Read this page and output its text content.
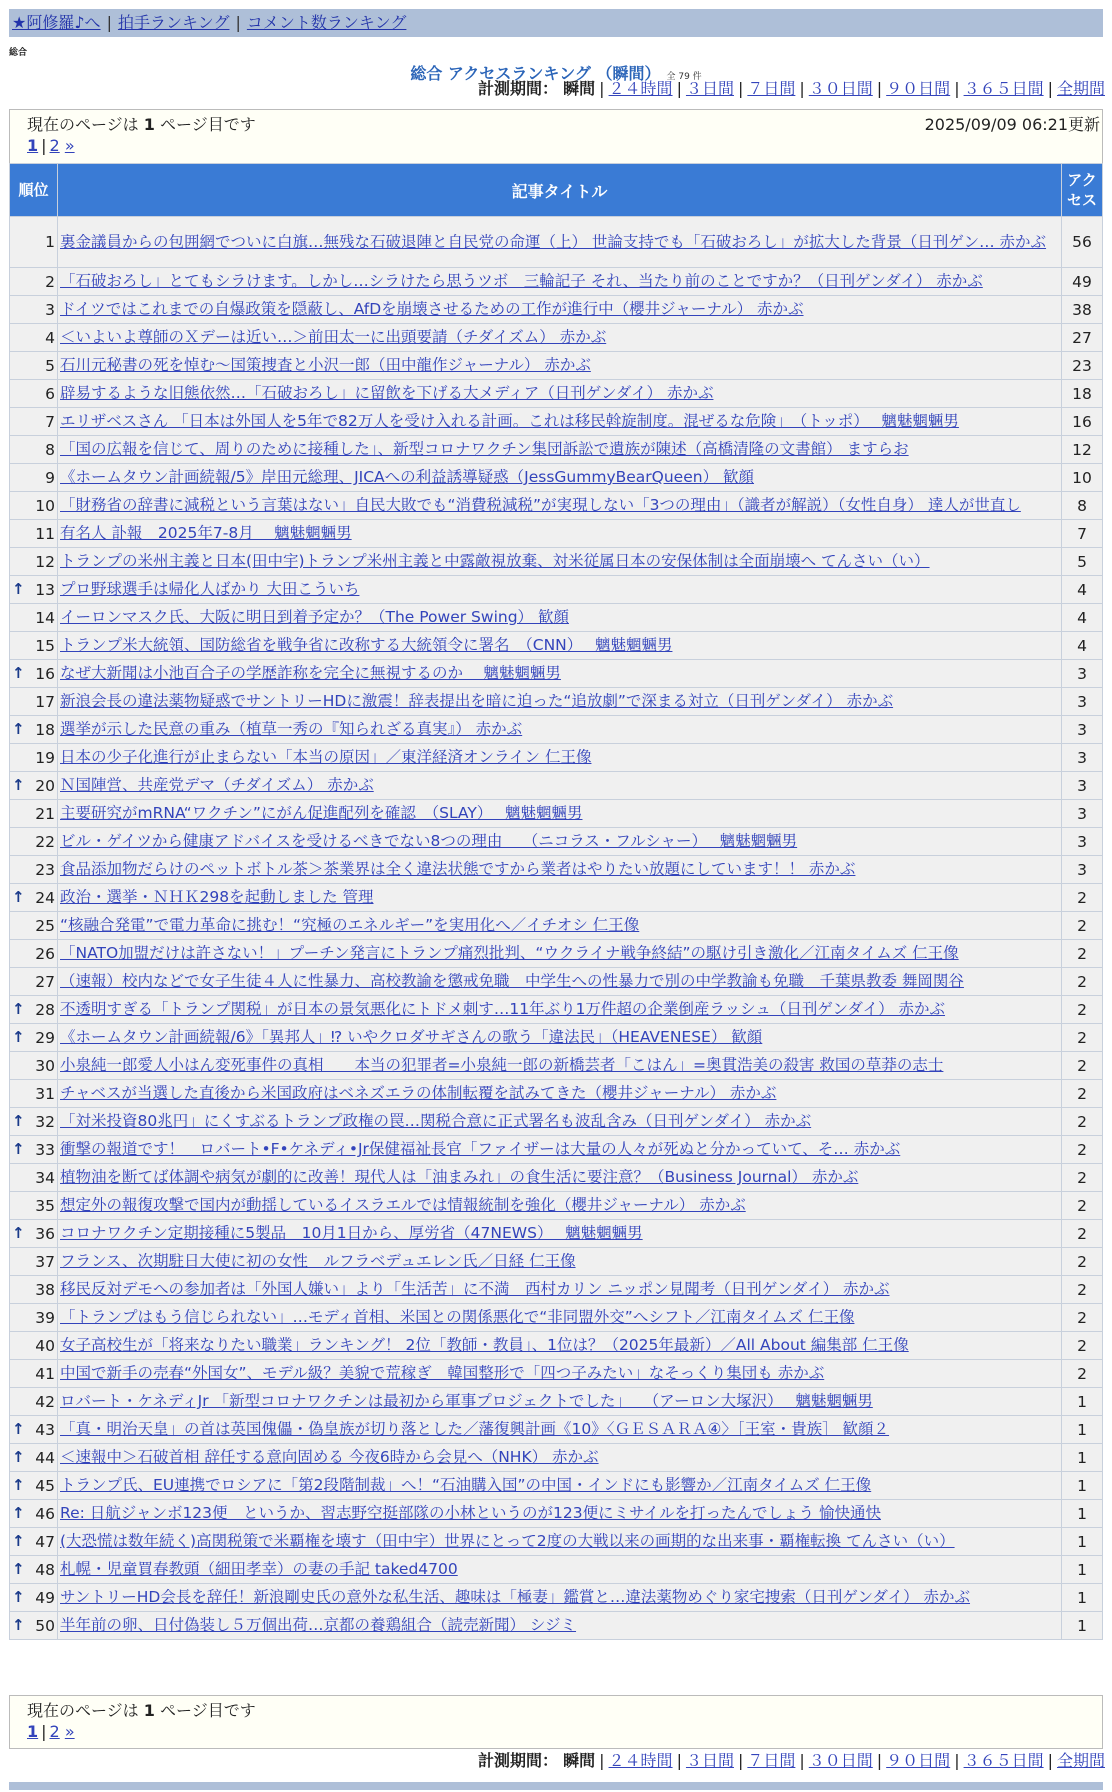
★阿修羅♪へ | 拍手ランキング | コメント数ランキング
総合
総合 アクセスランキング （瞬間） 全 79 件
計測期間： 瞬間 | ２４時間 | ３日間 | ７日間 | ３０日間 | ９０日間 | ３６５日間 | 全期間
現在のページは 1 ページ目です	2025/09/09 06:21更新
1 | 2 »
順位	記事タイトル	アクセス
1	裏金議員からの包囲網でついに白旗…無残な石破退陣と自民党の命運（上） 世論支持でも「石破おろし」が拡大した背景（日刊ゲン… 赤かぶ	56
2	「石破おろし」とてもシラけます。しかし…シラけたら思うツボ　三輪記子 それ、当たり前のことですか？（日刊ゲンダイ） 赤かぶ	49
3	ドイツではこれまでの自爆政策を隠蔽し、AfDを崩壊させるための工作が進行中（櫻井ジャーナル） 赤かぶ	38
4	＜いよいよ尊師のＸデーは近い…＞前田太一に出頭要請（チダイズム） 赤かぶ	27
5	石川元秘書の死を悼む～国策捜査と小沢一郎（田中龍作ジャーナル） 赤かぶ	23
6	辟易するような旧態依然…「石破おろし」に留飲を下げる大メディア（日刊ゲンダイ） 赤かぶ	18
7	エリザベスさん 「日本は外国人を5年で82万人を受け入れる計画。これは移民斡旋制度。混ぜるな危険」　（トッポ）　 魑魅魍魎男	16
8	「国の広報を信じて、周りのために接種した」、新型コロナワクチン集団訴訟で遺族が陳述（高橋清隆の文書館） ますらお	12
9	《ホームタウン計画続報/5》岸田元総理、JICAへの利益誘導疑惑（JessGummyBearQueen） 歓顔	10
10	「財務省の辞書に減税という言葉はない」自民大敗でも“消費税減税”が実現しない「3つの理由」（識者が解説）（女性自身） 達人が世直し	8
11	有名人 訃報　2025年7-8月　 魑魅魍魎男	7
12	トランプの米州主義と日本(田中宇)トランプ米州主義と中露敵視放棄、対米従属日本の安保体制は全面崩壊へ てんさい（い）	5

↑ 13	プロ野球選手は帰化人ばかり 大田こういち	4
14	イーロンマスク氏、大阪に明日到着予定か？（The Power Swing） 歓顔	4
15	トランプ米大統領、国防総省を戦争省に改称する大統領令に署名　（CNN）　 魑魅魍魎男	4

↑ 16	なぜ大新聞は小池百合子の学歴詐称を完全に無視するのか　 魑魅魍魎男	3
17	新浪会長の違法薬物疑惑でサントリーHDに激震！辞表提出を暗に迫った“追放劇”で深まる対立（日刊ゲンダイ） 赤かぶ	3

↑ 18	選挙が示した民意の重み（植草一秀の『知られざる真実』） 赤かぶ	3
19	日本の少子化進行が止まらない「本当の原因」／東洋経済オンライン 仁王像	3

↑ 20	Ｎ国陣営、共産党デマ（チダイズム） 赤かぶ	3
21	主要研究がmRNA“ワクチン”にがん促進配列を確認　（SLAY）　 魑魅魍魎男	3
22	ビル・ゲイツから健康アドバイスを受けるべきでない8つの理由　 （ニコラス・フルシャー）　 魑魅魍魎男	3
23	食品添加物だらけのペットボトル茶＞茶業界は全く違法状態ですから業者はやりたい放題にしています！！ 赤かぶ	3

↑ 24	政治・選挙・ＮＨＫ298を起動しました 管理	2
25	“核融合発電”で電力革命に挑む！“究極のエネルギー”を実用化へ／イチオシ 仁王像	2
26	「NATO加盟だけは許さない！」プーチン発言にトランプ痛烈批判、“ウクライナ戦争終結”の駆け引き激化／江南タイムズ 仁王像	2
27	（速報）校内などで女子生徒４人に性暴力、高校教諭を懲戒免職　中学生への性暴力で別の中学教諭も免職　千葉県教委 舞岡関谷	2

↑ 28	不透明すぎる「トランプ関税」が日本の景気悪化にトドメ刺す…11年ぶり1万件超の企業倒産ラッシュ（日刊ゲンダイ） 赤かぶ	2

↑ 29	《ホームタウン計画続報/6》「異邦人」⁉︎ いやクロダサギさんの歌う「違法民」（HEAVENESE） 歓顔	2
30	小泉純一郎愛人小はん変死事件の真相　　本当の犯罪者=小泉純一郎の新橋芸者「こはん」=奥貫浩美の殺害 救国の草莽の志士	2
31	チャベスが当選した直後から米国政府はベネズエラの体制転覆を試みてきた（櫻井ジャーナル） 赤かぶ	2

↑ 32	「対米投資80兆円」にくすぶるトランプ政権の罠…関税合意に正式署名も波乱含み（日刊ゲンダイ） 赤かぶ	2

↑ 33	衝撃の報道です！　ロバート•F•ケネディ•Jr保健福祉長官「ファイザーは大量の人々が死ぬと分かっていて、そ… 赤かぶ	2
34	植物油を断てば体調や病気が劇的に改善！現代人は「油まみれ」の食生活に要注意？（Business Journal） 赤かぶ	2
35	想定外の報復攻撃で国内が動揺しているイスラエルでは情報統制を強化（櫻井ジャーナル） 赤かぶ	2

↑ 36	コロナワクチン定期接種に5製品　10月1日から、厚労省（47NEWS）　 魑魅魍魎男	2
37	フランス、次期駐日大使に初の女性　ルフラベデュエレン氏／日経 仁王像	2
38	移民反対デモへの参加者は「外国人嫌い」より「生活苦」に不満　西村カリン ニッポン見聞考（日刊ゲンダイ） 赤かぶ	2
39	「トランプはもう信じられない」…モディ首相、米国との関係悪化で“非同盟外交”へシフト／江南タイムズ 仁王像	2
40	女子高校生が「将来なりたい職業」ランキング！ 2位「教師・教員」、1位は？（2025年最新）／All About 編集部 仁王像	2
41	中国で新手の売春“外国女”、モデル級？美貌で荒稼ぎ　韓国整形で「四つ子みたい」なそっくり集団も 赤かぶ	2
42	ロバート・ケネディJr 「新型コロナワクチンは最初から軍事プロジェクトでした」　 （アーロン大塚沢）　 魑魅魍魎男	1

↑ 43	「真・明治天皇」の首は英国傀儡・偽皇族が切り落とした／藩復興計画《10》〈ＧＥＳＡＲＡ④〉［王室・貴族］ 歓顔２	1

↑ 44	＜速報中＞石破首相 辞任する意向固める 今夜6時から会見へ（NHK） 赤かぶ	1

↑ 45	トランプ氏、EU連携でロシアに「第2段階制裁」へ！“石油購入国”の中国・インドにも影響か／江南タイムズ 仁王像	1

↑ 46	Re: 日航ジャンボ123便　というか、習志野空挺部隊の小林というのが123便にミサイルを打ったんでしょう 愉快通快	1

↑ 47	(大恐慌は数年続く)高関税策で米覇権を壊す（田中宇）世界にとって2度の大戦以来の画期的な出来事・覇権転換 てんさい（い）	1

↑ 48	札幌・児童買春教頭（細田孝幸）の妻の手記 taked4700	1

↑ 49	サントリーHD会長を辞任！新浪剛史氏の意外な私生活、趣味は「極妻」鑑賞と…違法薬物めぐり家宅捜索（日刊ゲンダイ） 赤かぶ	1

↑ 50	半年前の卵、日付偽装し５万個出荷…京都の養鶏組合（読売新聞） シジミ	1
現在のページは 1 ページ目です
1 | 2 »
計測期間： 瞬間 | ２４時間 | ３日間 | ７日間 | ３０日間 | ９０日間 | ３６５日間 | 全期間
